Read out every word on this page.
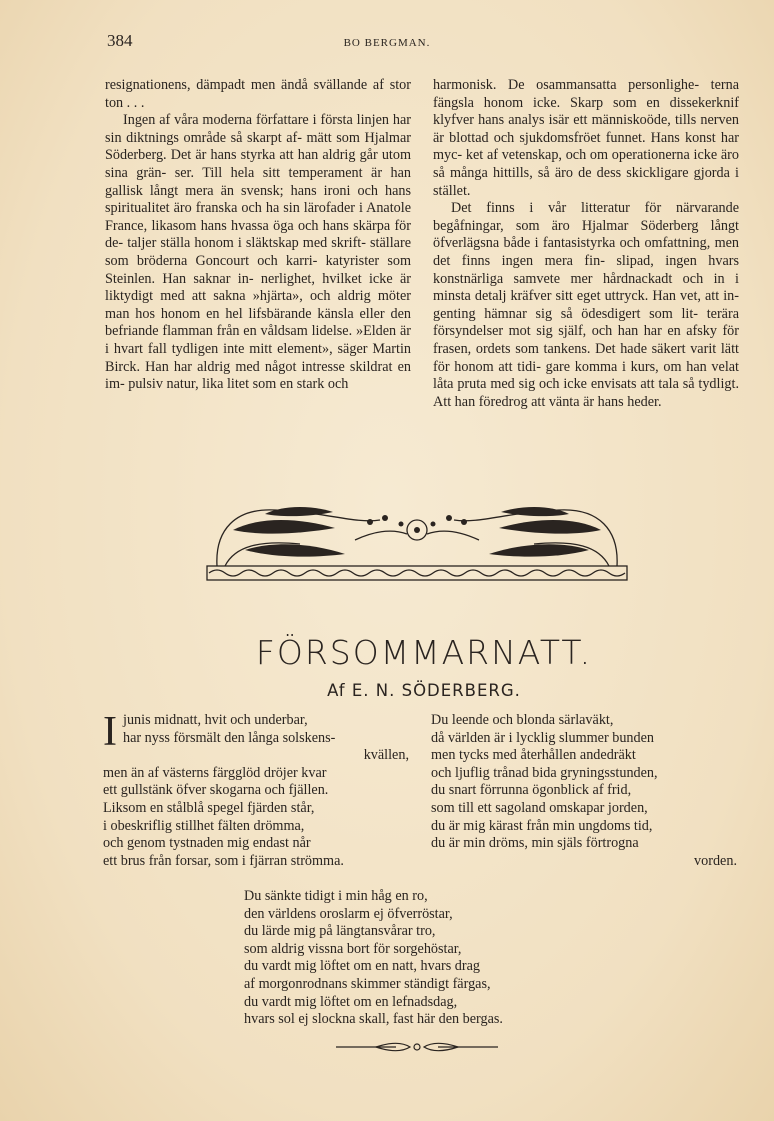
384	BO BERGMAN.

resignationens, dämpadt men ändå svällande af stor ton . . .

Ingen af våra moderna författare i första linjen har sin diktnings område så skarpt af- mätt som Hjalmar Söderberg. Det är hans styrka att han aldrig går utom sina grän- ser. Till hela sitt temperament är han gallisk långt mera än svensk; hans ironi och hans spiritualitet äro franska och ha sin lärofader i Anatole France, likasom hans hvassa öga och hans skärpa för de- taljer ställa honom i släktskap med skrift- ställare som bröderna Goncourt och karri- katyrister som Steinlen. Han saknar in- nerlighet, hvilket icke är liktydigt med att sakna »hjärta», och aldrig möter man hos honom en hel lifsbärande känsla eller den befriande flamman från en våldsam lidelse. »Elden är i hvart fall tydligen inte mitt element», säger Martin Birck. Han har aldrig med något intresse skildrat en im- pulsiv natur, lika litet som en stark och

harmonisk. De osammansatta personlighe- terna fängsla honom icke. Skarp som en dissekerknif klyfver hans analys isär ett människoöde, tills nerven är blottad och sjukdomsfröet funnet. Hans konst har myc- ket af vetenskap, och om operationerna icke äro så många hittills, så äro de dess skickligare gjorda i stället.

Det finns i vår litteratur för närvarande begåfningar, som äro Hjalmar Söderberg långt öfverlägsna både i fantasistyrka och omfattning, men det finns ingen mera fin- slipad, ingen hvars konstnärliga samvete mer hårdnackadt och in i minsta detalj kräfver sitt eget uttryck. Han vet, att in- genting hämnar sig så ödesdigert som lit- terära försyndelser mot sig själf, och han har en afsky för frasen, ordets som tankens. Det hade säkert varit lätt för honom att tidi- gare komma i kurs, om han velat låta pruta med sig och icke envisats att tala så tydligt. Att han föredrog att vänta är hans heder.

FÖRSOMMARNATT.
Af E. N. SÖDERBERG.
I junis midnatt, hvit och underbar,
har nyss försmält den långa solskens-
kvällen,
men än af västerns färgglöd dröjer kvar
ett gullstänk öfver skogarna och fjällen.
Liksom en stålblå spegel fjärden står,
i obeskriflig stillhet fälten drömma,
och genom tystnaden mig endast når
ett brus från forsar, som i fjärran strömma.
Du leende och blonda särlaväkt,
då världen är i lycklig slummer bunden
men tycks med återhållen andedräkt
och ljuflig trånad bida gryningsstunden,
du snart förrunna ögonblick af frid,
som till ett sagoland omskapar jorden,
du är mig kärast från min ungdoms tid,
du är min dröms, min själs förtrogna
vorden.
Du sänkte tidigt i min håg en ro,
den världens oroslarm ej öfverröstar,
du lärde mig på längtansvårar tro,
som aldrig vissna bort för sorgehöstar,
du vardt mig löftet om en natt, hvars drag
af morgonrodnans skimmer ständigt färgas,
du vardt mig löftet om en lefnadsdag,
hvars sol ej slockna skall, fast här den bergas.
